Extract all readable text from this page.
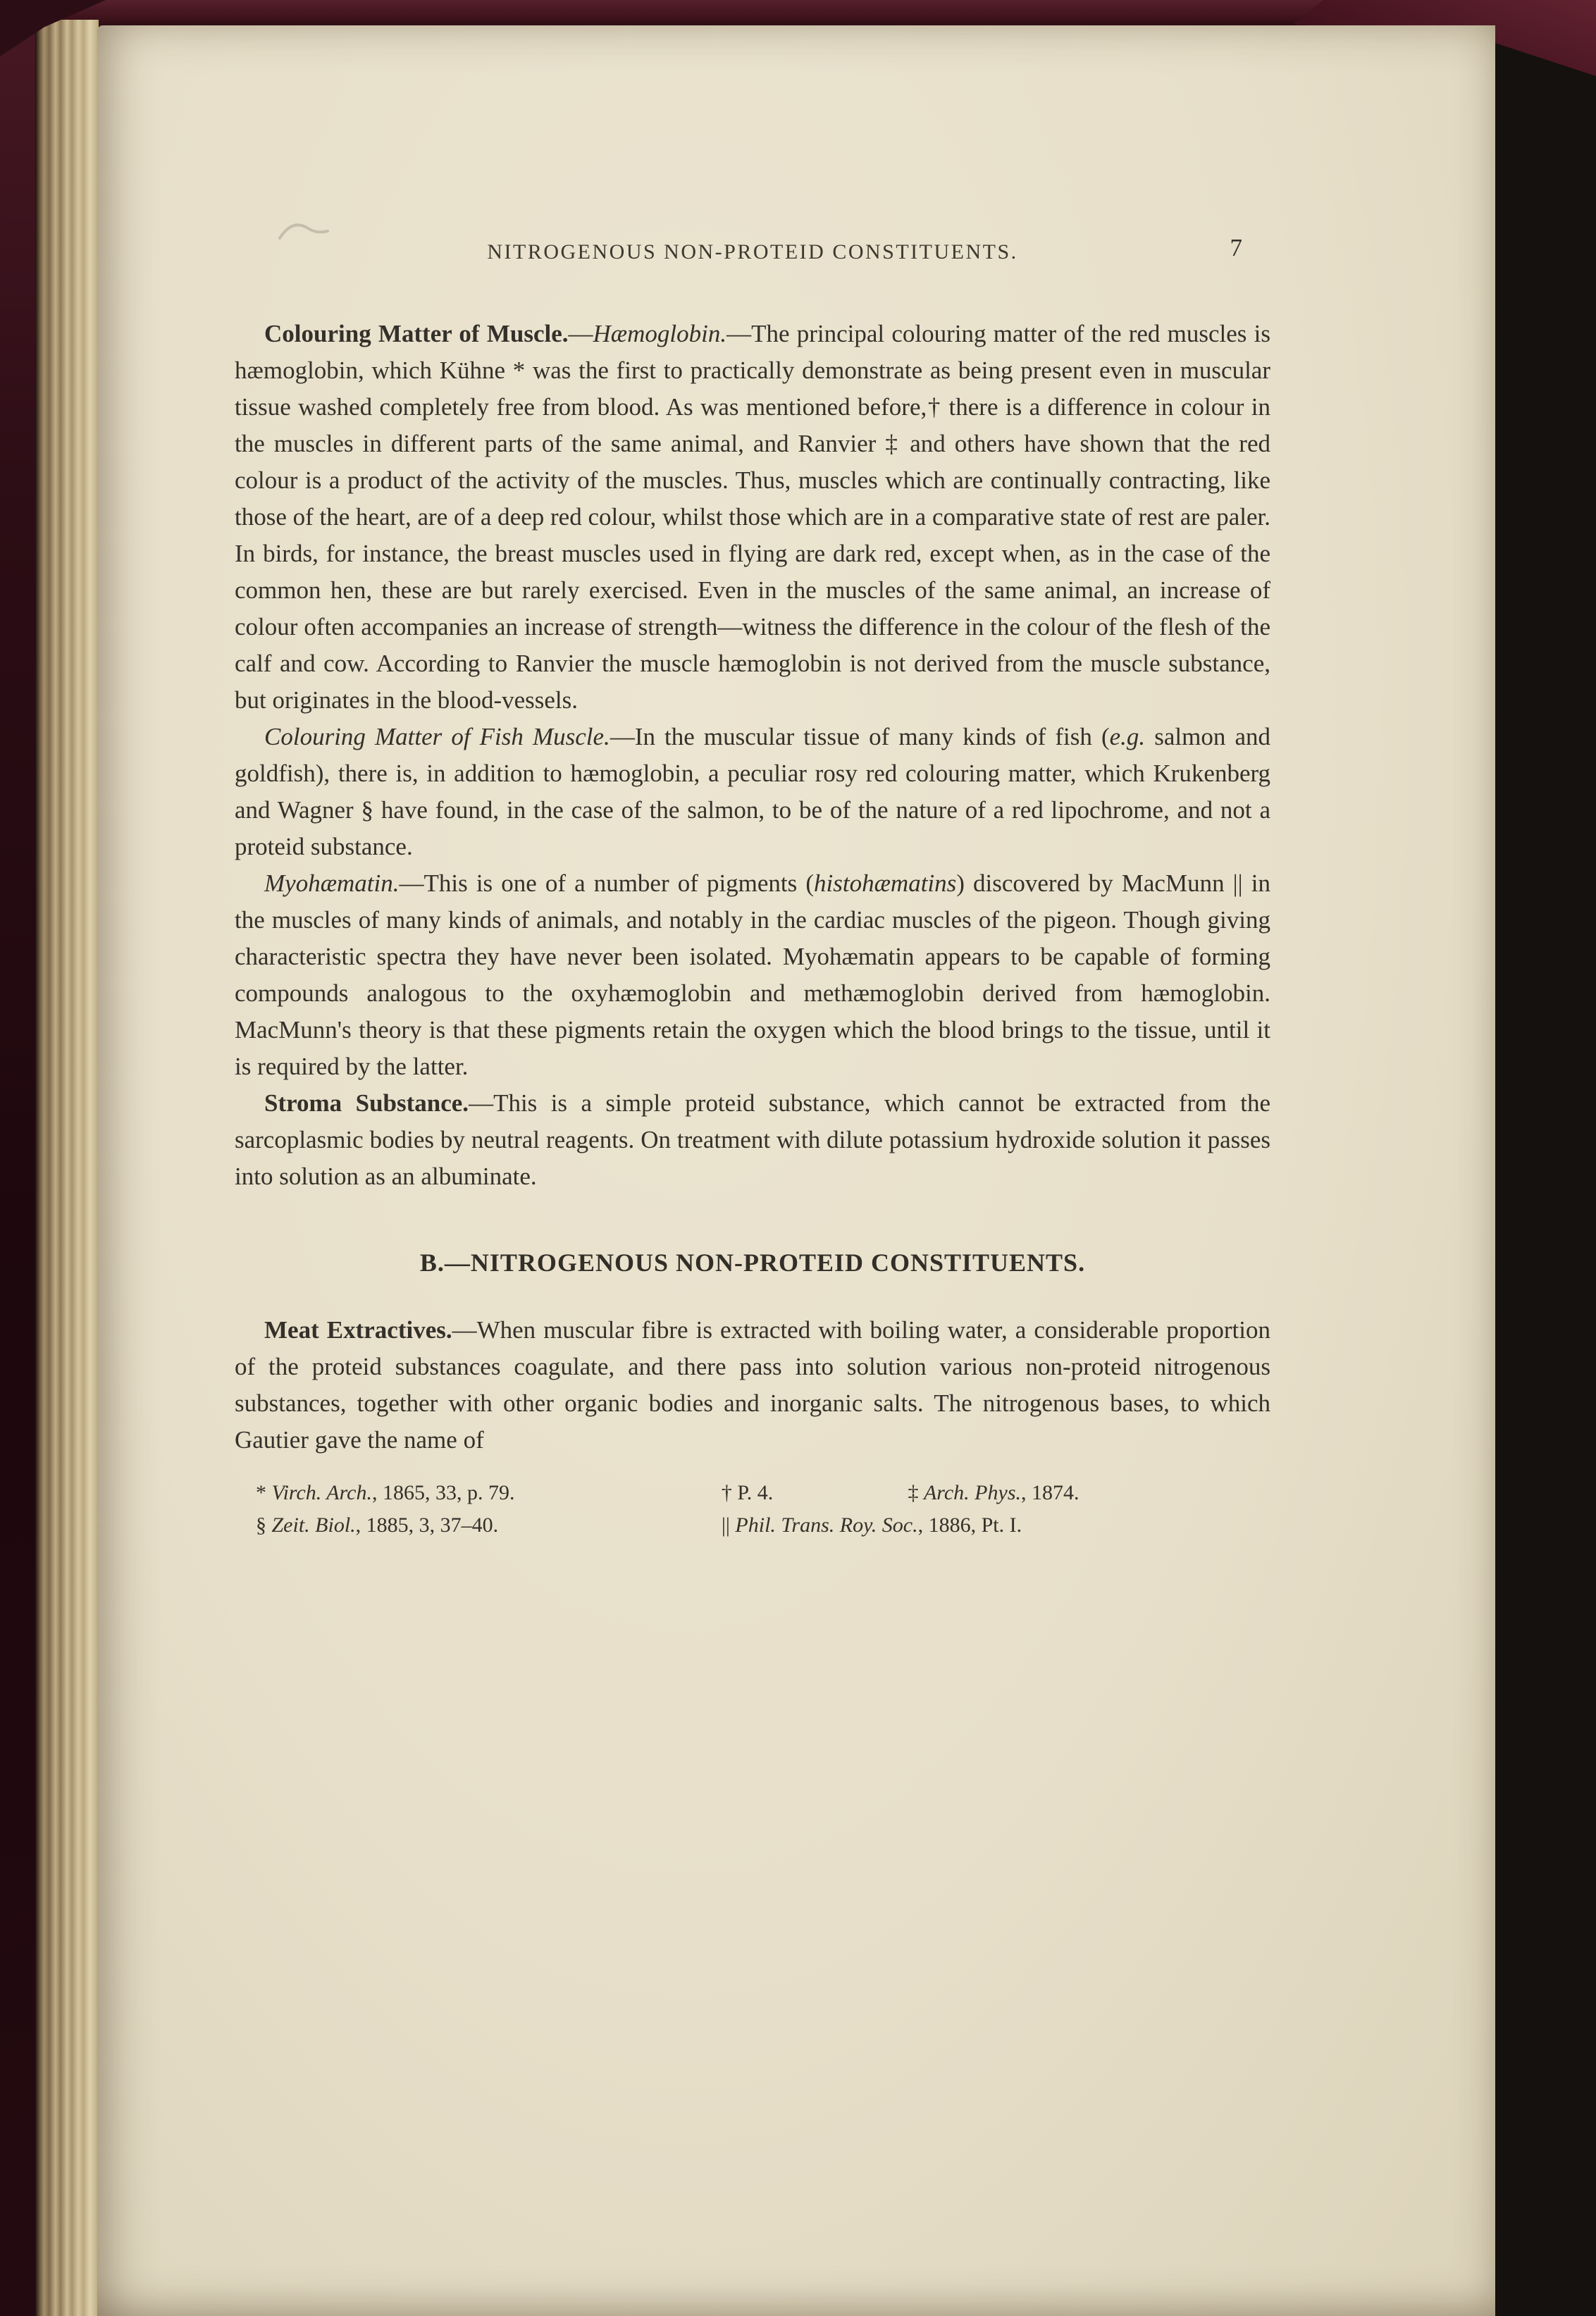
NITROGENOUS NON-PROTEID CONSTITUENTS.	7

Colouring Matter of Muscle.—Hæmoglobin.—The principal colouring matter of the red muscles is hæmoglobin, which Kühne * was the first to practically demonstrate as being present even in muscular tissue washed completely free from blood. As was mentioned before,† there is a difference in colour in the muscles in different parts of the same animal, and Ranvier ‡ and others have shown that the red colour is a product of the activity of the muscles. Thus, muscles which are continually contracting, like those of the heart, are of a deep red colour, whilst those which are in a comparative state of rest are paler. In birds, for instance, the breast muscles used in flying are dark red, except when, as in the case of the common hen, these are but rarely exercised. Even in the muscles of the same animal, an increase of colour often accompanies an increase of strength—witness the difference in the colour of the flesh of the calf and cow. According to Ranvier the muscle hæmoglobin is not derived from the muscle substance, but originates in the blood-vessels.

Colouring Matter of Fish Muscle.—In the muscular tissue of many kinds of fish (e.g. salmon and goldfish), there is, in addition to hæmoglobin, a peculiar rosy red colouring matter, which Krukenberg and Wagner § have found, in the case of the salmon, to be of the nature of a red lipochrome, and not a proteid substance.

Myohæmatin.—This is one of a number of pigments (histohæmatins) discovered by MacMunn || in the muscles of many kinds of animals, and notably in the cardiac muscles of the pigeon. Though giving characteristic spectra they have never been isolated. Myohæmatin appears to be capable of forming compounds analogous to the oxyhæmoglobin and methæmoglobin derived from hæmoglobin. MacMunn's theory is that these pigments retain the oxygen which the blood brings to the tissue, until it is required by the latter.

Stroma Substance.—This is a simple proteid substance, which cannot be extracted from the sarcoplasmic bodies by neutral reagents. On treatment with dilute potassium hydroxide solution it passes into solution as an albuminate.

B.—NITROGENOUS NON-PROTEID CONSTITUENTS.

Meat Extractives.—When muscular fibre is extracted with boiling water, a considerable proportion of the proteid substances coagulate, and there pass into solution various non-proteid nitrogenous substances, together with other organic bodies and inorganic salts. The nitrogenous bases, to which Gautier gave the name of

* Virch. Arch., 1865, 33, p. 79.	† P. 4.	‡ Arch. Phys., 1874.
§ Zeit. Biol., 1885, 3, 37–40.	|| Phil. Trans. Roy. Soc., 1886, Pt. I.
